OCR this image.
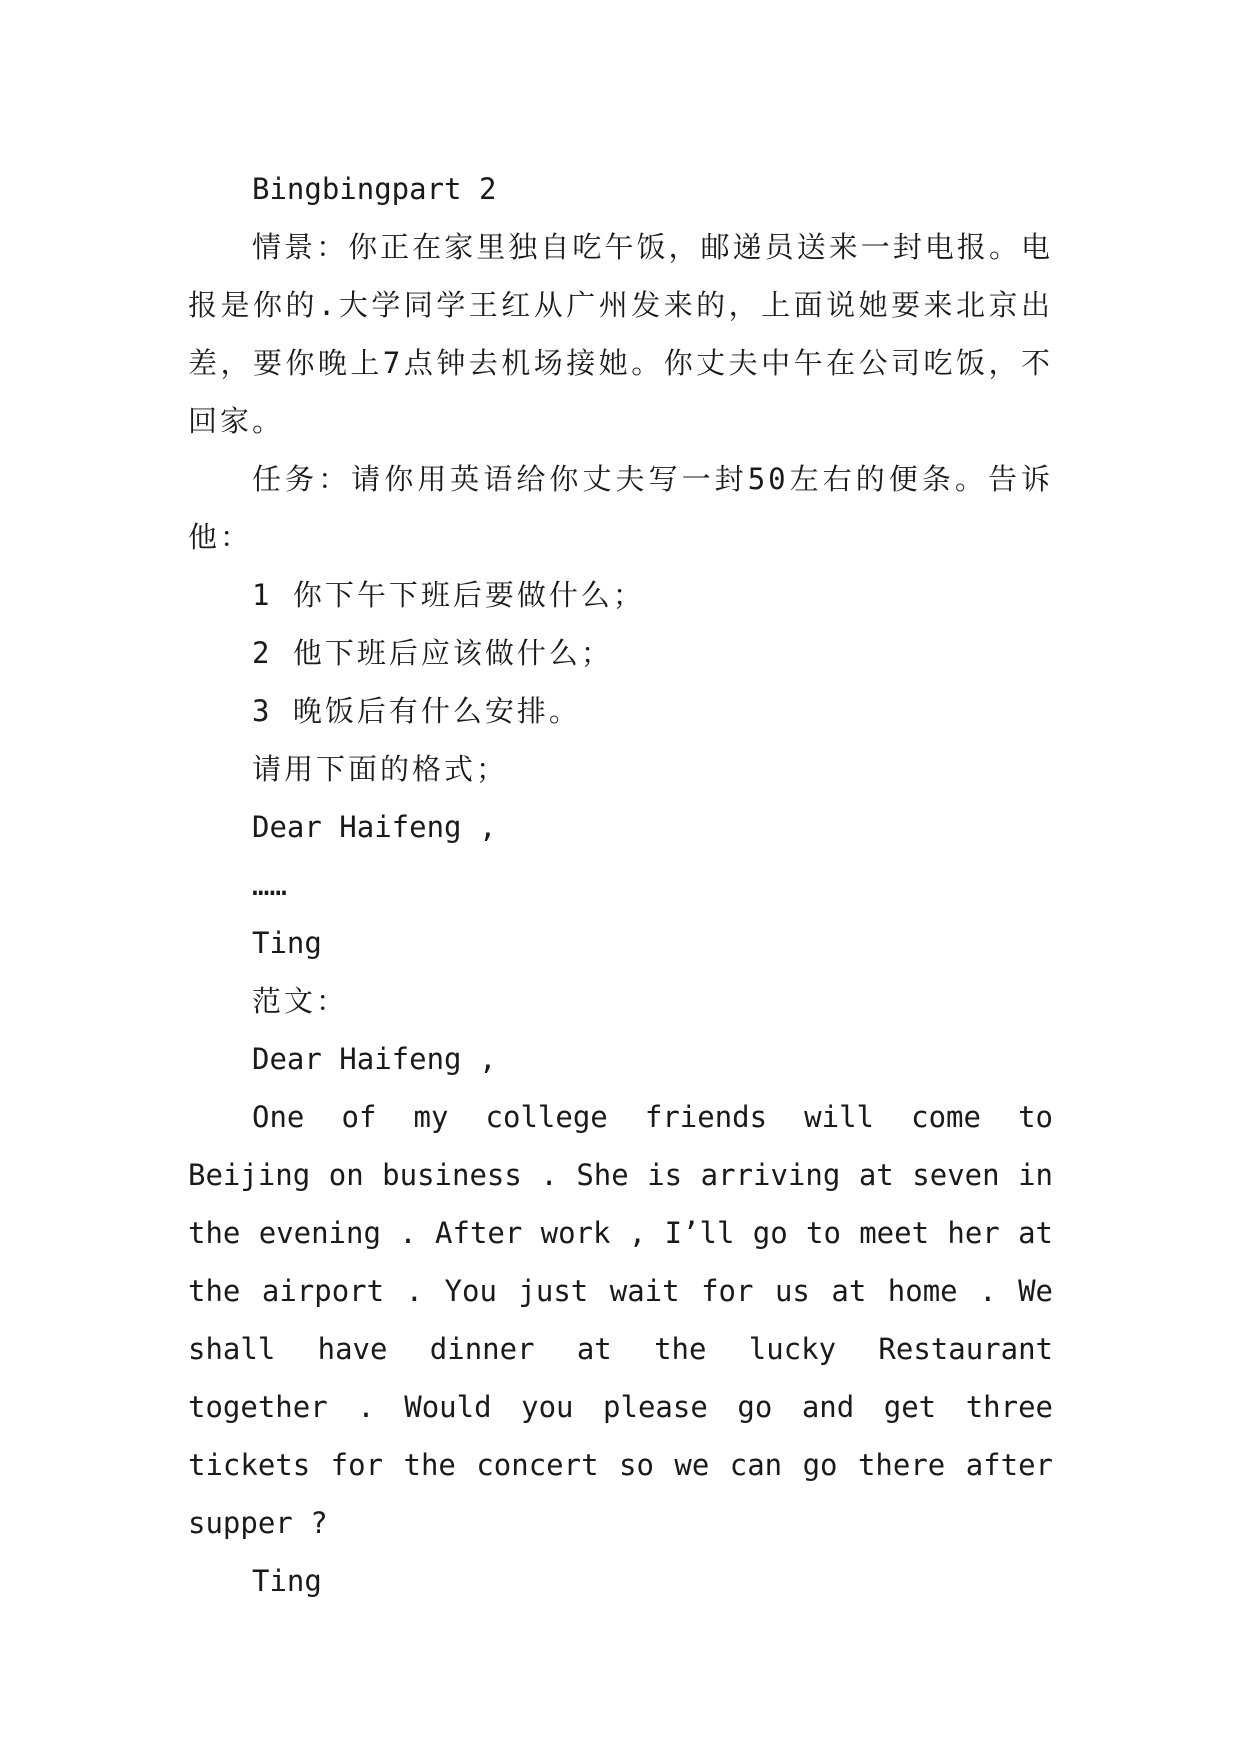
Bingbingpart 2

情景：你正在家里独自吃午饭，邮递员送来一封电报。电报是你的.大学同学王红从广州发来的，上面说她要来北京出差，要你晚上7点钟去机场接她。你丈夫中午在公司吃饭，不回家。

任务：请你用英语给你丈夫写一封50左右的便条。告诉他：

1 你下午下班后要做什么；

2 他下班后应该做什么；

3 晚饭后有什么安排。

请用下面的格式；

Dear Haifeng ,

……

Ting

范文：

Dear Haifeng ,

One of my college friends will come to Beijing on business . She is arriving at seven in the evening . After work , I’ll go to meet her at the airport . You just wait for us at home . We shall have dinner at the lucky Restaurant together . Would you please go and get three tickets for the concert so we can go there after supper ?

Ting
